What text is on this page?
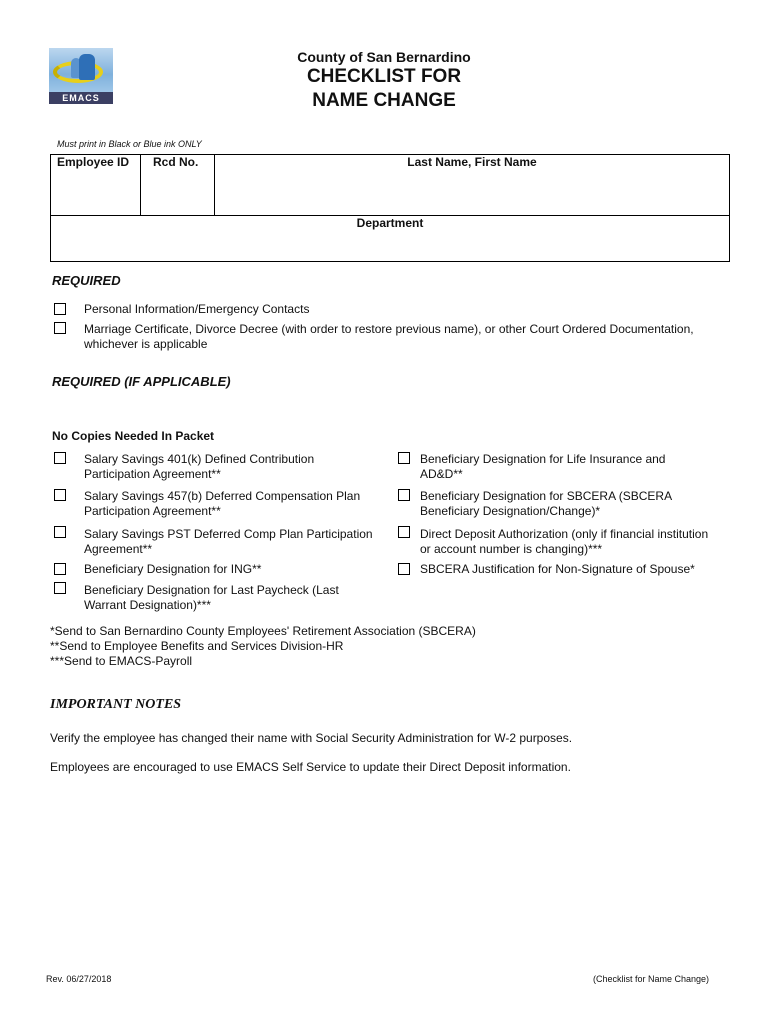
EMACS
County of San Bernardino
CHECKLIST FOR
NAME CHANGE
Must print in Black or Blue ink ONLY
Employee ID Rcd No.	Last Name, First Name
Department
REQUIRED
Personal Information/Emergency Contacts
Marriage Certificate, Divorce Decree (with order to restore previous name), or other Court Ordered Documentation,
whichever is applicable
REQUIRED (IF APPLICABLE)
No Copies Needed In Packet
Salary Savings 401(k) Defined Contribution
Participation Agreement**
Salary Savings 457(b) Deferred Compensation Plan
Participation Agreement**
Salary Savings PST Deferred Comp Plan Participation
Agreement**
Beneficiary Designation for ING**
Beneficiary Designation for Last Paycheck (Last
Warrant Designation)***
Beneficiary Designation for Life Insurance and
AD&D**
Beneficiary Designation for SBCERA (SBCERA
Beneficiary Designation/Change)*
Direct Deposit Authorization (only if financial institution
or account number is changing)***
SBCERA Justification for Non-Signature of Spouse*
*Send to San Bernardino County Employees' Retirement Association (SBCERA)
**Send to Employee Benefits and Services Division-HR
***Send to EMACS-Payroll
IMPORTANT NOTES
Verify the employee has changed their name with Social Security Administration for W-2 purposes.
Employees are encouraged to use EMACS Self Service to update their Direct Deposit information.
Rev. 06/27/2018	(Checklist for Name Change)
